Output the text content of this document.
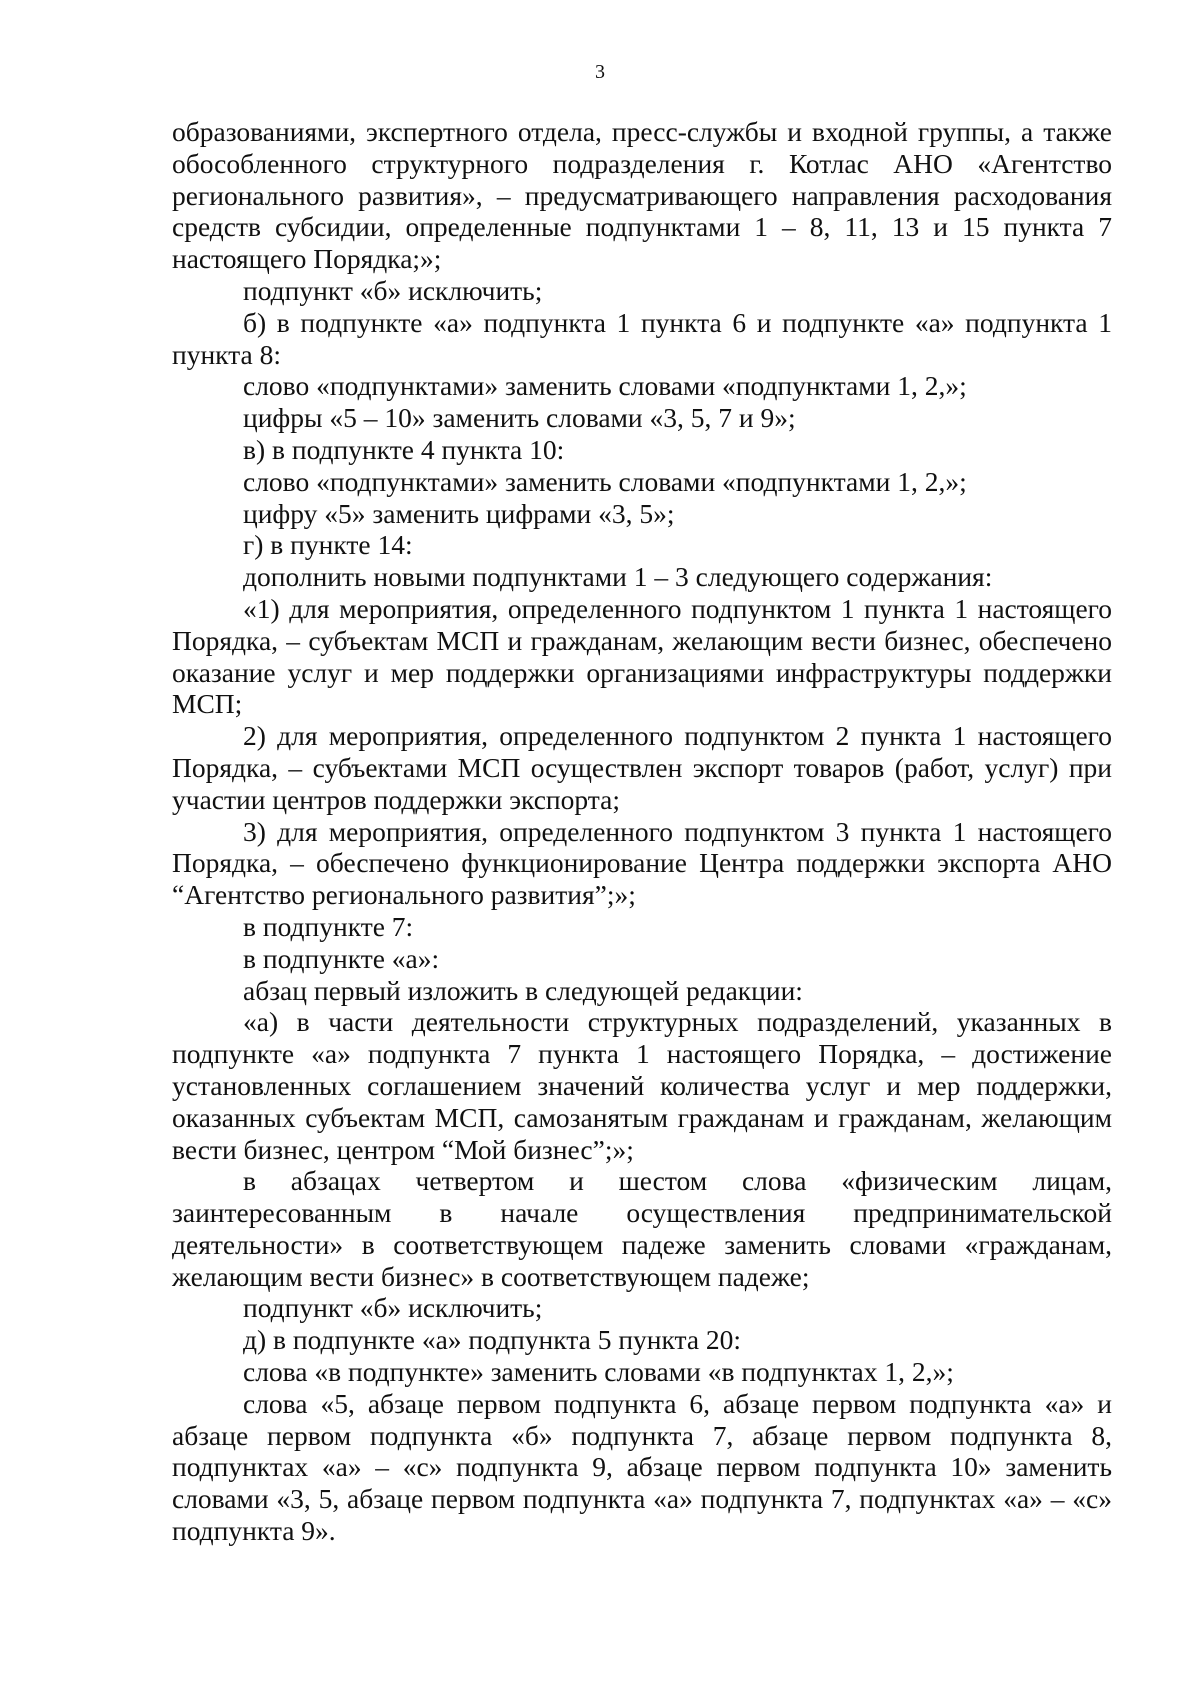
3

образованиями, экспертного отдела, пресс-службы и входной группы, а также обособленного структурного подразделения г. Котлас АНО «Агентство регионального развития», – предусматривающего направления расходования средств субсидии, определенные подпунктами 1 – 8, 11, 13 и 15 пункта 7 настоящего Порядка;»;

подпункт «б» исключить;

б) в подпункте «а» подпункта 1 пункта 6 и подпункте «а» подпункта 1 пункта 8:

слово «подпунктами» заменить словами «подпунктами 1, 2,»;

цифры «5 – 10» заменить словами «3, 5, 7 и 9»;

в) в подпункте 4 пункта 10:

слово «подпунктами» заменить словами «подпунктами 1, 2,»;

цифру «5» заменить цифрами «3, 5»;

г) в пункте 14:

дополнить новыми подпунктами 1 – 3 следующего содержания:

«1) для мероприятия, определенного подпунктом 1 пункта 1 настоящего Порядка, – субъектам МСП и гражданам, желающим вести бизнес, обеспечено оказание услуг и мер поддержки организациями инфраструктуры поддержки МСП;

2) для мероприятия, определенного подпунктом 2 пункта 1 настоящего Порядка, – субъектами МСП осуществлен экспорт товаров (работ, услуг) при участии центров поддержки экспорта;

3) для мероприятия, определенного подпунктом 3 пункта 1 настоящего Порядка, – обеспечено функционирование Центра поддержки экспорта АНО “Агентство регионального развития”;»;

в подпункте 7:

в подпункте «а»:

абзац первый изложить в следующей редакции:

«а) в части деятельности структурных подразделений, указанных в подпункте «а» подпункта 7 пункта 1 настоящего Порядка, – достижение установленных соглашением значений количества услуг и мер поддержки, оказанных субъектам МСП, самозанятым гражданам и гражданам, желающим вести бизнес, центром “Мой бизнес”;»;

в абзацах четвертом и шестом слова «физическим лицам, заинтересованным в начале осуществления предпринимательской деятельности» в соответствующем падеже заменить словами «гражданам, желающим вести бизнес» в соответствующем падеже;

подпункт «б» исключить;

д) в подпункте «а» подпункта 5 пункта 20:

слова «в подпункте» заменить словами «в подпунктах 1, 2,»;

слова «5, абзаце первом подпункта 6, абзаце первом подпункта «а» и абзаце первом подпункта «б» подпункта 7, абзаце первом подпункта 8, подпунктах «а» – «с» подпункта 9, абзаце первом подпункта 10» заменить словами «3, 5, абзаце первом подпункта «а» подпункта 7, подпунктах «а» – «с» подпункта 9».
